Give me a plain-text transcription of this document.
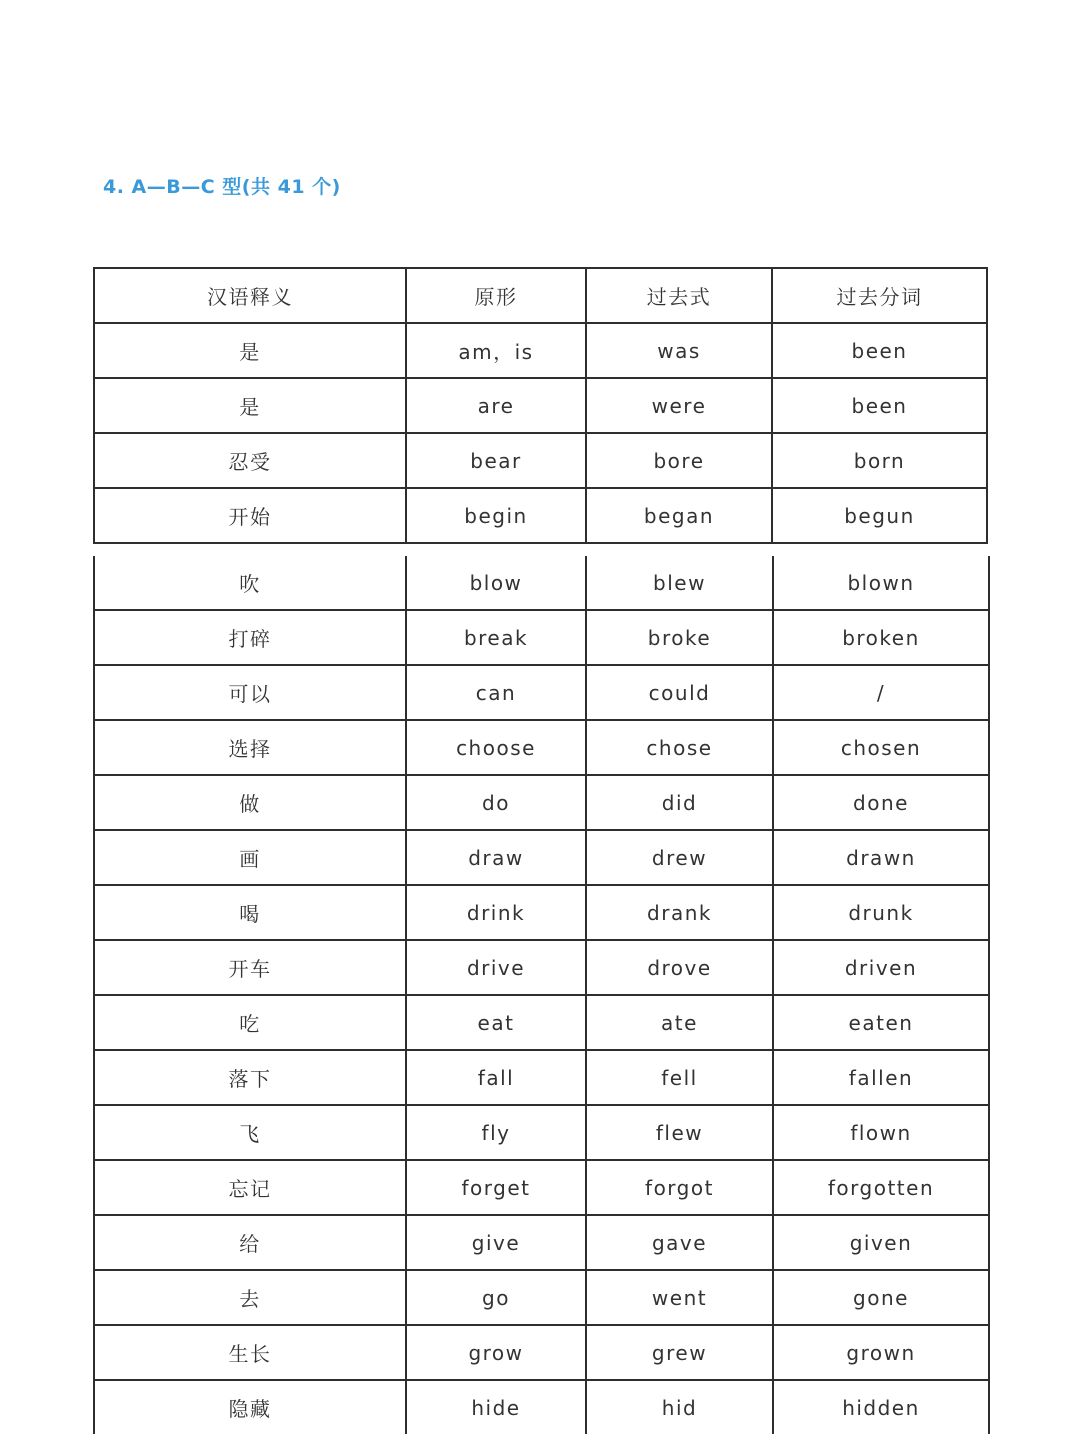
4. A—B—C 型(共 41 个)
汉语释义	原形	过去式	过去分词
是	am，is	was	been
是	are	were	been
忍受	bear	bore	born
开始	begin	began	begun
吹	blow	blew	blown
打碎	break	broke	broken
可以	can	could	/
选择	choose	chose	chosen
做	do	did	done
画	draw	drew	drawn
喝	drink	drank	drunk
开车	drive	drove	driven
吃	eat	ate	eaten
落下	fall	fell	fallen
飞	fly	flew	flown
忘记	forget	forgot	forgotten
给	give	gave	given
去	go	went	gone
生长	grow	grew	grown
隐藏	hide	hid	hidden
